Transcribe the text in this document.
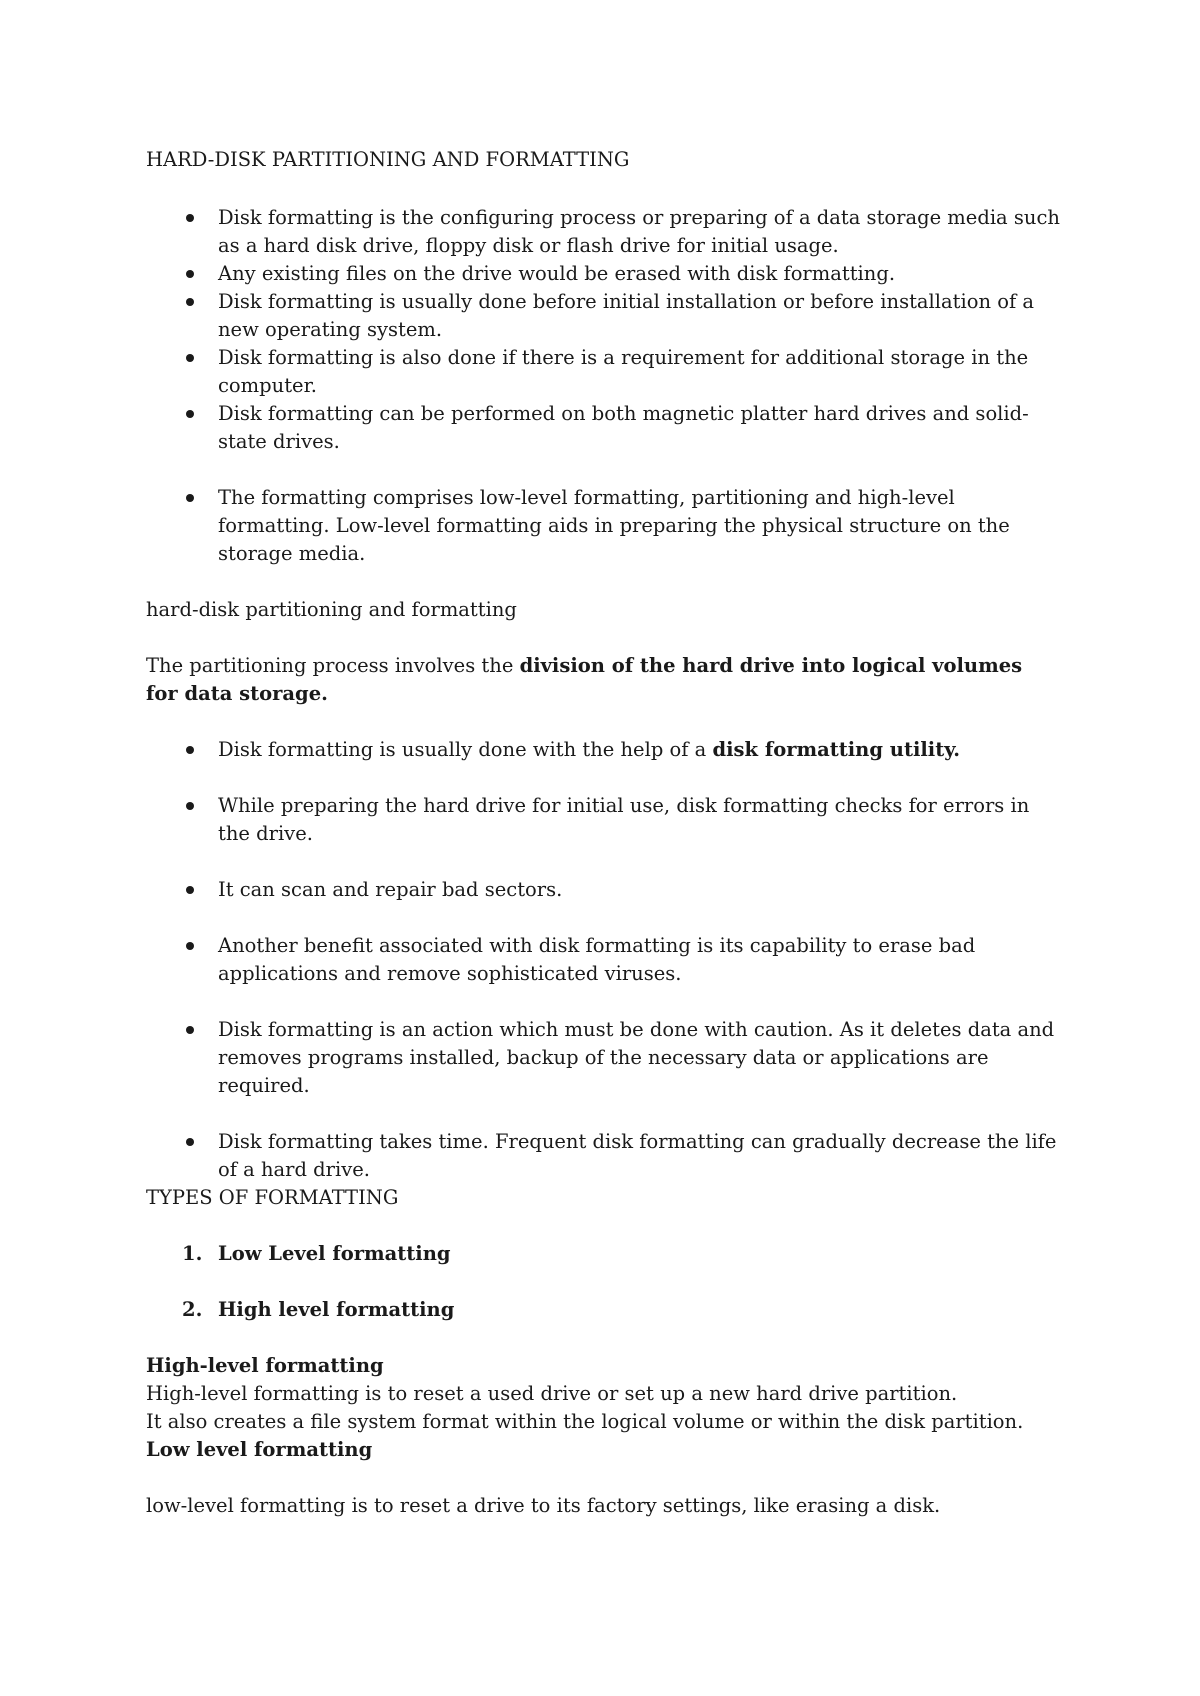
HARD-DISK PARTITIONING AND FORMATTING

Disk formatting is the configuring process or preparing of a data storage media such as a hard disk drive, floppy disk or flash drive for initial usage.
Any existing files on the drive would be erased with disk formatting.
Disk formatting is usually done before initial installation or before installation of a new operating system.
Disk formatting is also done if there is a requirement for additional storage in the computer.
Disk formatting can be performed on both magnetic platter hard drives and solid-state drives.
The formatting comprises low-level formatting, partitioning and high-level formatting. Low-level formatting aids in preparing the physical structure on the storage media.

hard-disk partitioning and formatting

The partitioning process involves the division of the hard drive into logical volumes for data storage.

Disk formatting is usually done with the help of a disk formatting utility.
While preparing the hard drive for initial use, disk formatting checks for errors in the drive.
It can scan and repair bad sectors.
Another benefit associated with disk formatting is its capability to erase bad applications and remove sophisticated viruses.
Disk formatting is an action which must be done with caution. As it deletes data and removes programs installed, backup of the necessary data or applications are required.
Disk formatting takes time. Frequent disk formatting can gradually decrease the life of a hard drive.

TYPES OF FORMATTING

1. Low Level formatting
2. High level formatting
High-level formatting
High-level formatting is to reset a used drive or set up a new hard drive partition.
It also creates a file system format within the logical volume or within the disk partition.
Low level formatting

low-level formatting is to reset a drive to its factory settings, like erasing a disk.
